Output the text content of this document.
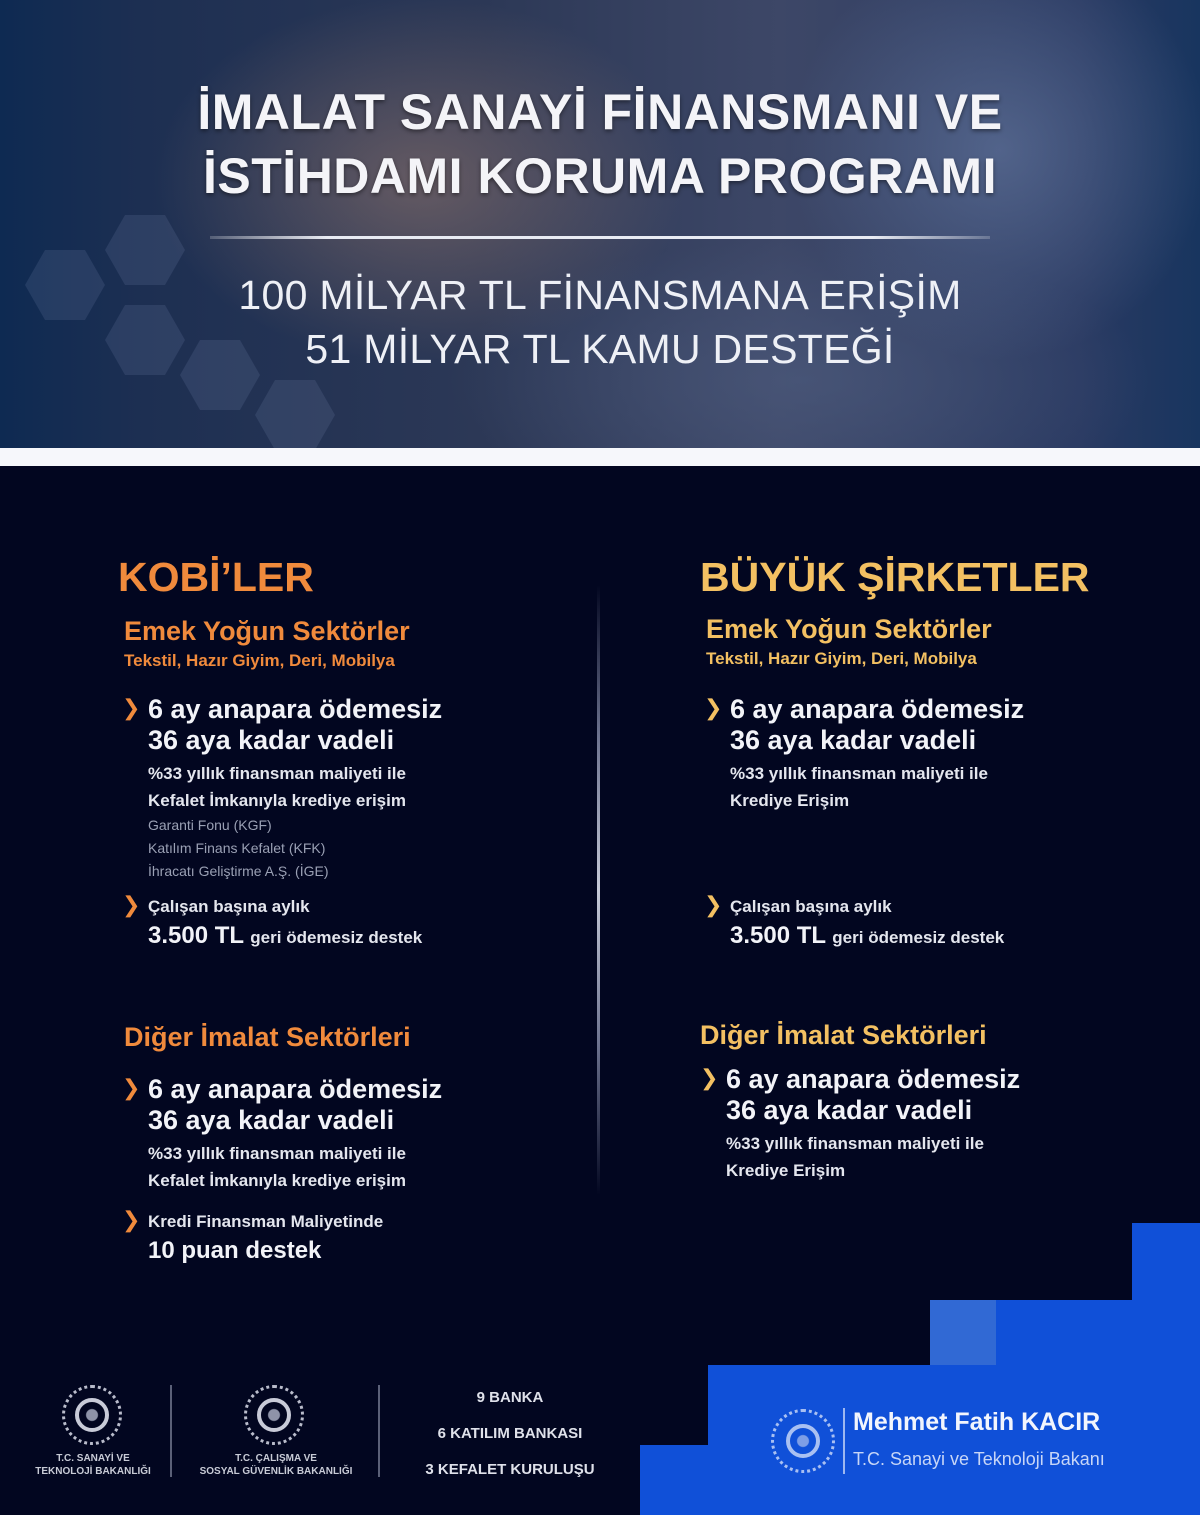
İMALAT SANAYİ FİNANSMANI VE
İSTİHDAMI KORUMA PROGRAMI
100 MİLYAR TL FİNANSMANA ERİŞİM
51 MİLYAR TL KAMU DESTEĞİ
KOBİ’LER
Emek Yoğun Sektörler
Tekstil, Hazır Giyim, Deri, Mobilya
❯ 6 ay anapara ödemesiz
36 aya kadar vadeli
%33 yıllık finansman maliyeti ile
Kefalet İmkanıyla krediye erişim
Garanti Fonu (KGF)
Katılım Finans Kefalet (KFK)
İhracatı Geliştirme A.Ş. (İGE)
❯ Çalışan başına aylık
3.500 TL geri ödemesiz destek
Diğer İmalat Sektörleri
❯ 6 ay anapara ödemesiz
36 aya kadar vadeli
%33 yıllık finansman maliyeti ile
Kefalet İmkanıyla krediye erişim
❯ Kredi Finansman Maliyetinde
10 puan destek
BÜYÜK ŞİRKETLER
Emek Yoğun Sektörler
Tekstil, Hazır Giyim, Deri, Mobilya
❯ 6 ay anapara ödemesiz
36 aya kadar vadeli
%33 yıllık finansman maliyeti ile
Krediye Erişim
❯ Çalışan başına aylık
3.500 TL geri ödemesiz destek
Diğer İmalat Sektörleri
❯ 6 ay anapara ödemesiz
36 aya kadar vadeli
%33 yıllık finansman maliyeti ile
Krediye Erişim
T.C. SANAYİ VE
TEKNOLOJİ BAKANLIĞI
T.C. ÇALIŞMA VE
SOSYAL GÜVENLİK BAKANLIĞI
9 BANKA
6 KATILIM BANKASI
3 KEFALET KURULUŞU
Mehmet Fatih KACIR
T.C. Sanayi ve Teknoloji Bakanı
